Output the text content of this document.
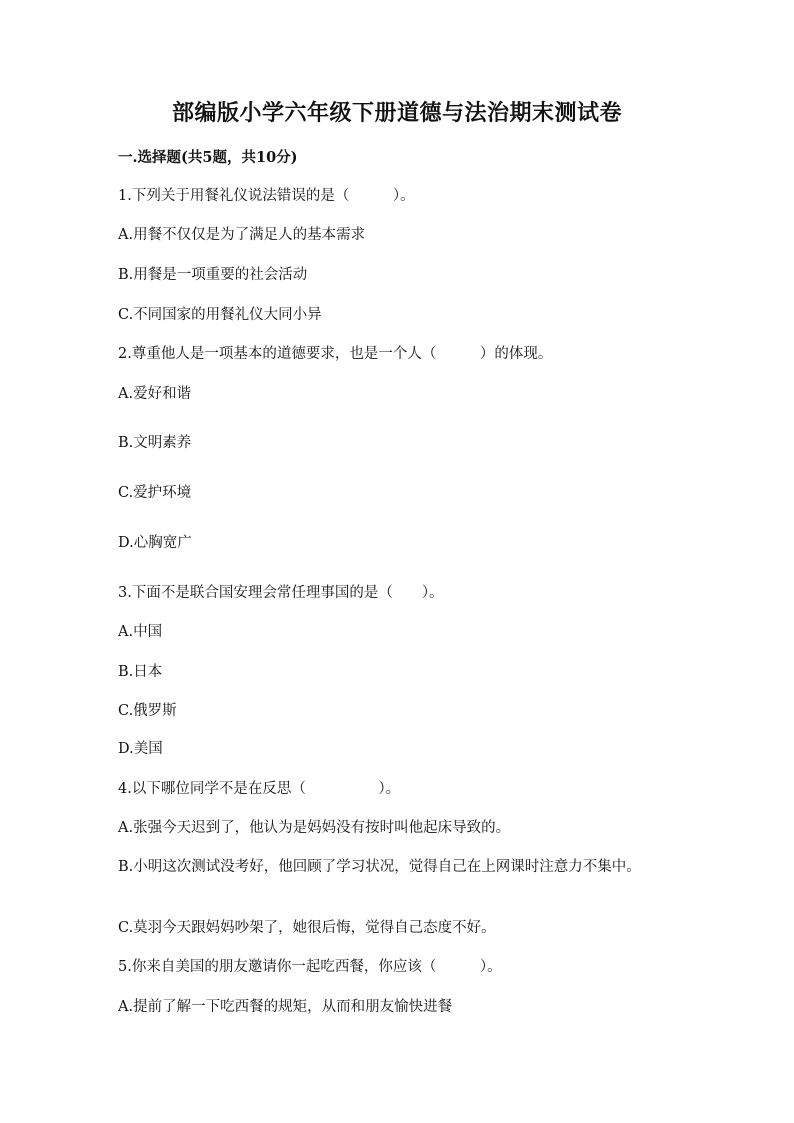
部编版小学六年级下册道德与法治期末测试卷
一.选择题(共5题，共10分)
1.下列关于用餐礼仪说法错误的是（　　　）。
A.用餐不仅仅是为了满足人的基本需求
B.用餐是一项重要的社会活动
C.不同国家的用餐礼仪大同小异
2.尊重他人是一项基本的道德要求，也是一个人（　　　）的体现。
A.爱好和谐
B.文明素养
C.爱护环境
D.心胸宽广
3.下面不是联合国安理会常任理事国的是（　　）。
A.中国
B.日本
C.俄罗斯
D.美国
4.以下哪位同学不是在反思（　　　　　）。
A.张强今天迟到了，他认为是妈妈没有按时叫他起床导致的。
B.小明这次测试没考好，他回顾了学习状况，觉得自己在上网课时注意力不集中。
C.莫羽今天跟妈妈吵架了，她很后悔，觉得自己态度不好。
5.你来自美国的朋友邀请你一起吃西餐，你应该（　　　）。
A.提前了解一下吃西餐的规矩，从而和朋友愉快进餐
